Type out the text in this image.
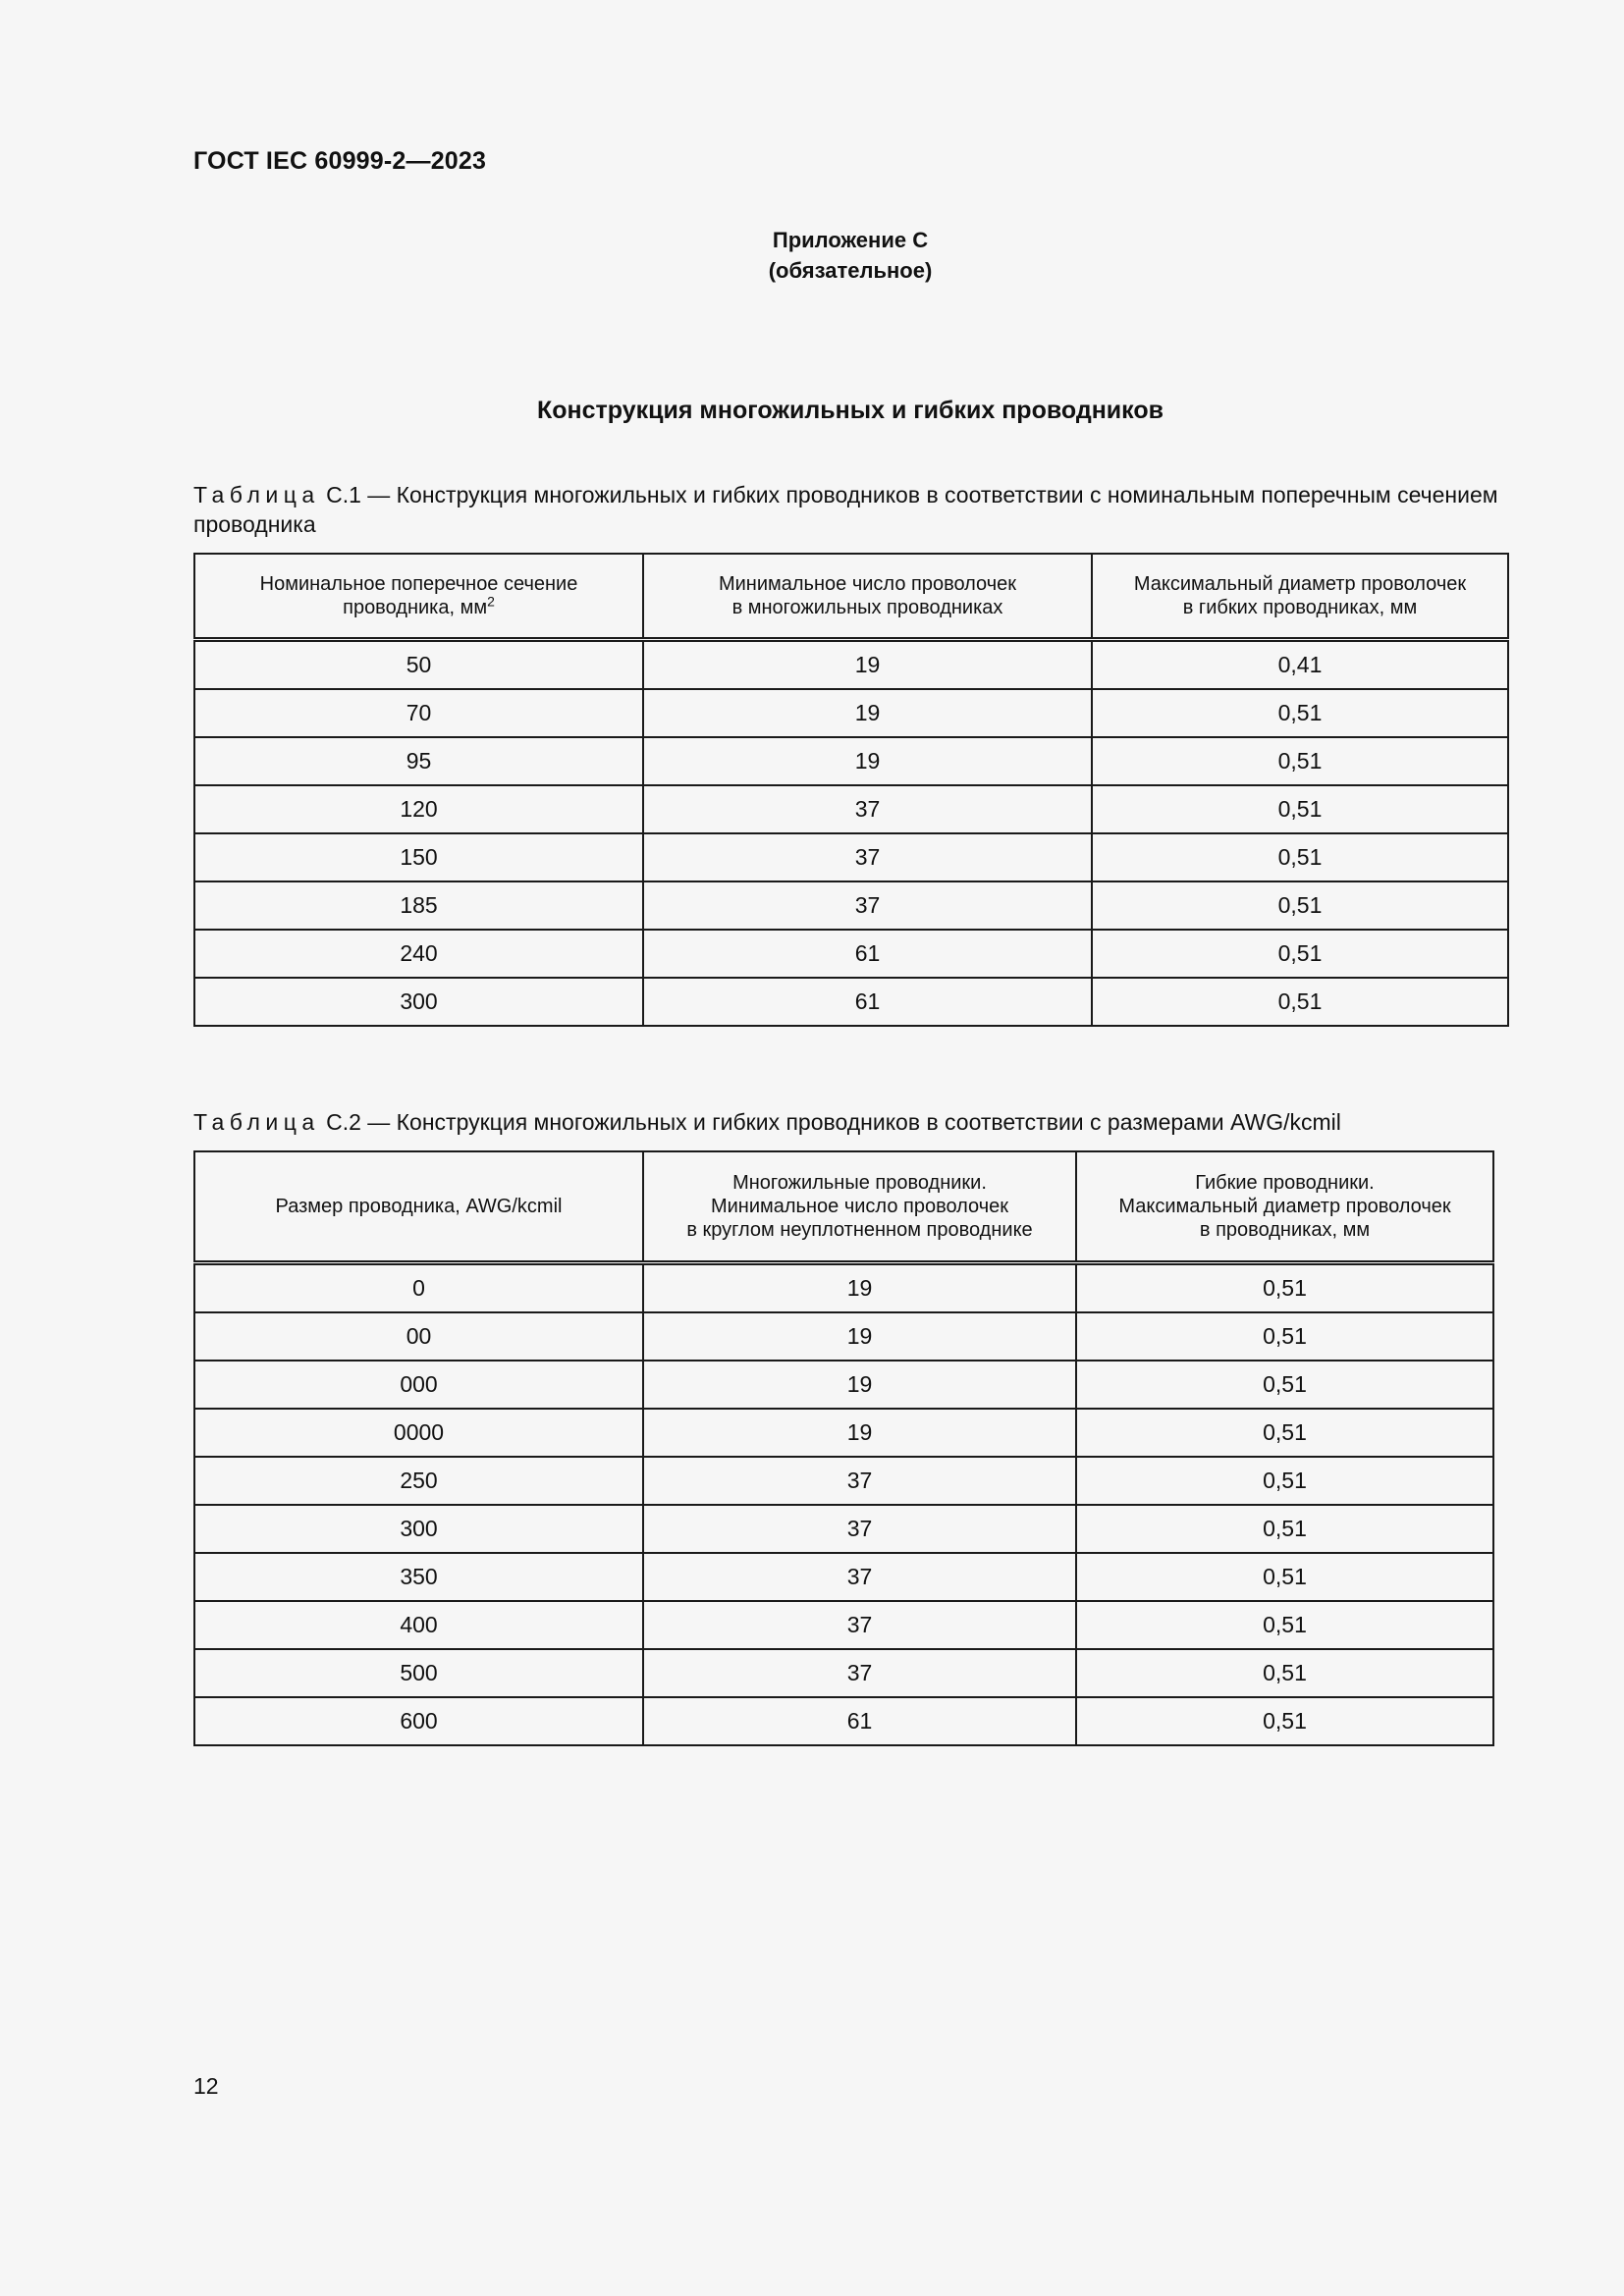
ГОСТ IEC 60999-2—2023
Приложение С
(обязательное)
Конструкция многожильных и гибких проводников
Таблица С.1 — Конструкция многожильных и гибких проводников в соответствии с номинальным поперечным сечением проводника
Номинальное поперечное сечение
проводника, $мм^2$	Минимальное число проволочек
в многожильных проводниках	Максимальный диаметр проволочек
в гибких проводниках, мм
50	19	0,41
70	19	0,51
95	19	0,51
120	37	0,51
150	37	0,51
185	37	0,51
240	61	0,51
300	61	0,51
Таблица С.2 — Конструкция многожильных и гибких проводников в соответствии с размерами AWG/kcmil
Размер проводника, AWG/kcmil	Многожильные проводники.
Минимальное число проволочек
в круглом неуплотненном проводнике	Гибкие проводники.
Максимальный диаметр проволочек
в проводниках, мм
0	19	0,51
00	19	0,51
000	19	0,51
0000	19	0,51
250	37	0,51
300	37	0,51
350	37	0,51
400	37	0,51
500	37	0,51
600	61	0,51
12
